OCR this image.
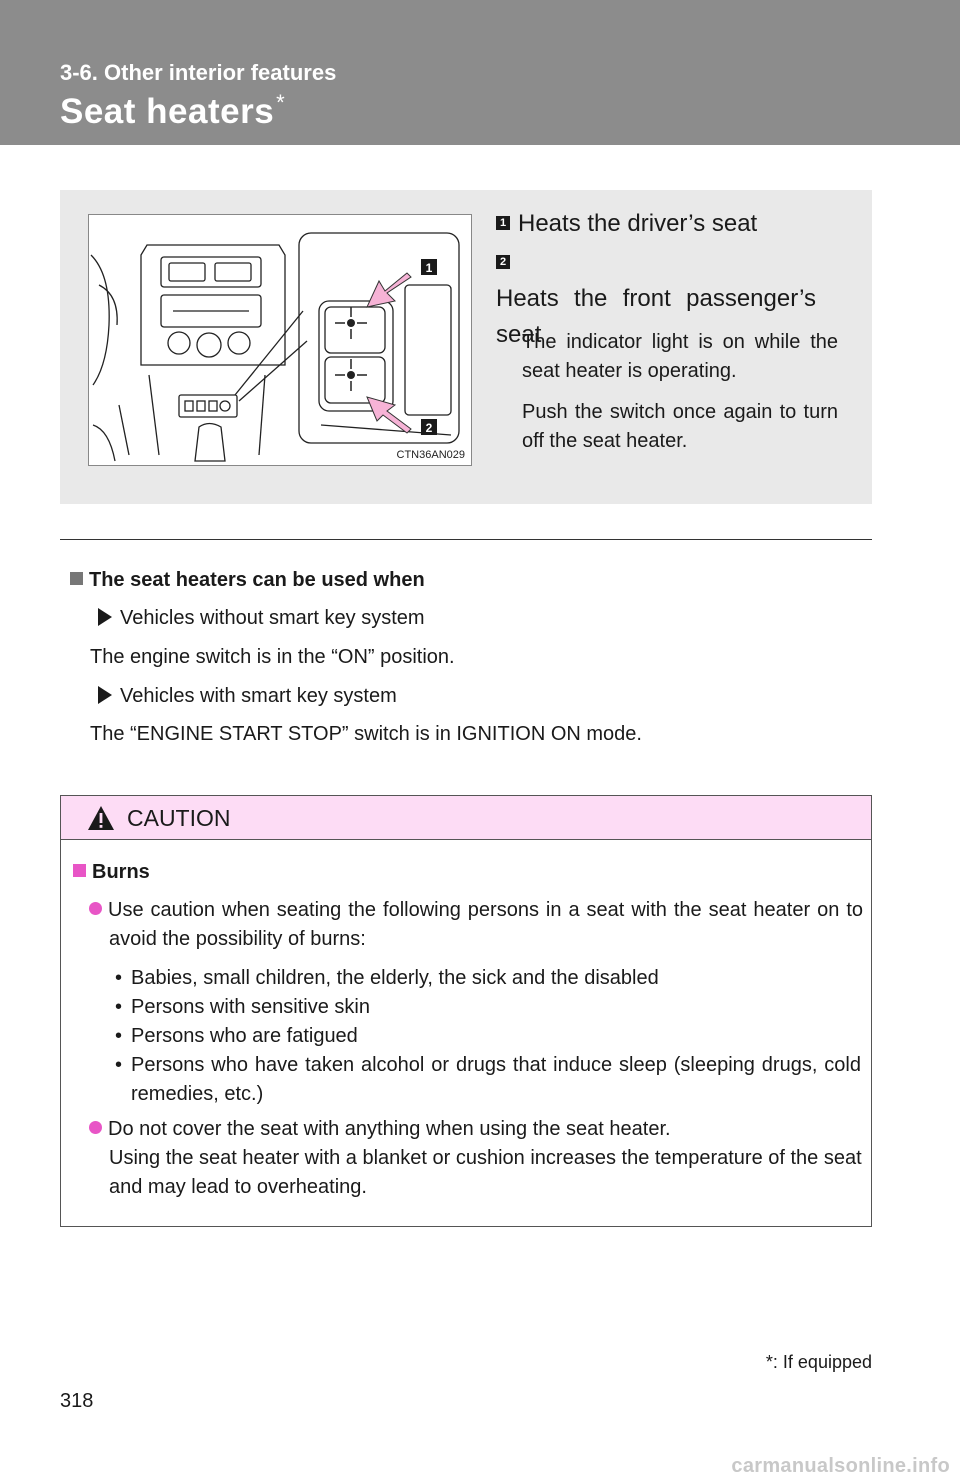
3-6. Other interior features
Seat heaters*
1
2
CTN36AN029
1 Heats the driver’s seat
2Heats the front passenger’s seat
The indicator light is on while the seat heater is operating.
Push the switch once again to turn off the seat heater.
The seat heaters can be used when
Vehicles without smart key system
The engine switch is in the “ON” position.
Vehicles with smart key system
The “ENGINE START STOP” switch is in IGNITION ON mode.
CAUTION
Burns
Use caution when seating the following persons in a seat with the seat heater on to avoid the possibility of burns:
• Babies, small children, the elderly, the sick and the disabled
• Persons with sensitive skin
• Persons who are fatigued
• Persons who have taken alcohol or drugs that induce sleep (sleeping drugs, cold remedies, etc.)
Do not cover the seat with anything when using the seat heater.
Using the seat heater with a blanket or cushion increases the temperature of the seat and may lead to overheating.
*: If equipped
318
carmanualsonline.info
